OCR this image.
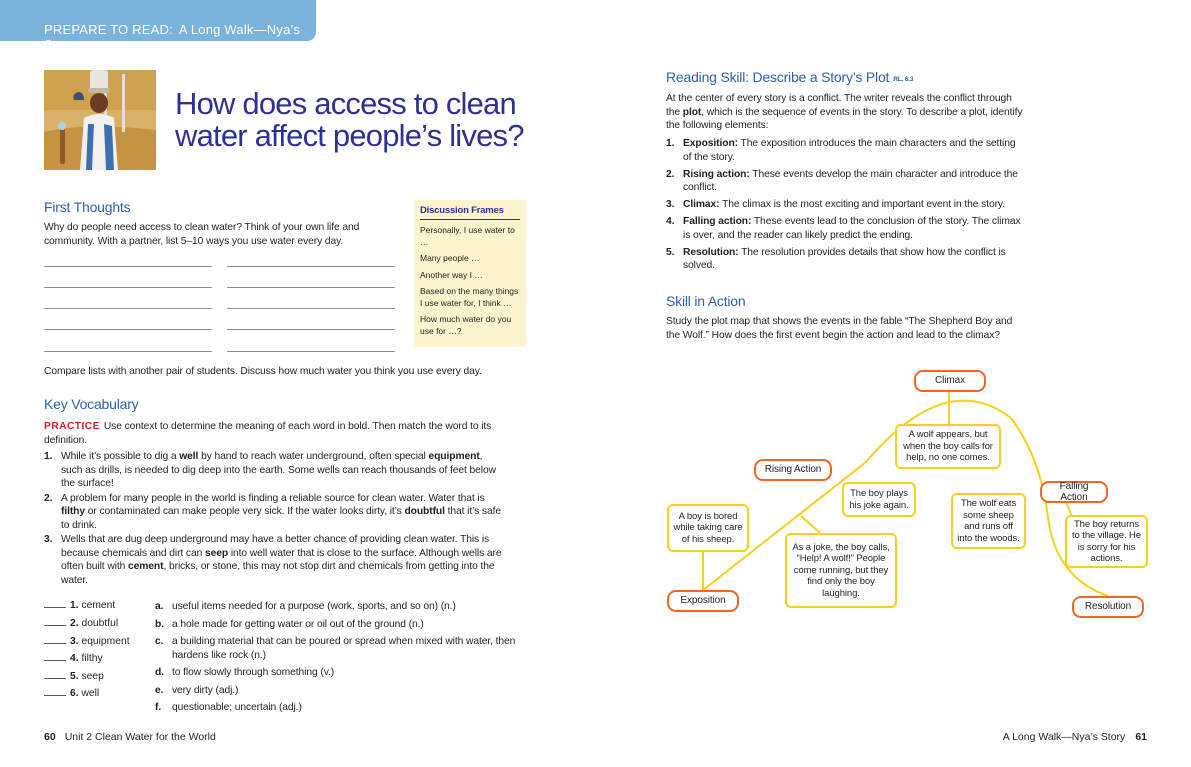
PREPARE TO READ: A Long Walk—Nya’s Story
How does access to clean water affect people’s lives?
First Thoughts
Why do people need access to clean water? Think of your own life and community. With a partner, list 5–10 ways you use water every day.
Discussion Frames
Personally, I use water to …
Many people …
Another way I …
Based on the many things I use water for, I think …
How much water do you use for …?
Compare lists with another pair of students. Discuss how much water you think you use every day.
Key Vocabulary
PRACTICE Use context to determine the meaning of each word in bold. Then match the word to its definition.
1. While it’s possible to dig a well by hand to reach water underground, often special equipment, such as drills, is needed to dig deep into the earth. Some wells can reach thousands of feet below the surface!
2. A problem for many people in the world is finding a reliable source for clean water. Water that is filthy or contaminated can make people very sick. If the water looks dirty, it’s doubtful that it’s safe to drink.
3. Wells that are dug deep underground may have a better chance of providing clean water. This is because chemicals and dirt can seep into well water that is close to the surface. Although wells are often built with cement, bricks, or stone, this may not stop dirt and chemicals from getting into the water.
1. cement
2. doubtful
3. equipment
4. filthy
5. seep
6. well
a. useful items needed for a purpose (work, sports, and so on) (n.)
b. a hole made for getting water or oil out of the ground (n.)
c. a building material that can be poured or spread when mixed with water, then hardens like rock (n.)
d. to flow slowly through something (v.)
e. very dirty (adj.)
f. questionable; uncertain (adj.)
60 Unit 2 Clean Water for the World
Reading Skill: Describe a Story’s Plot RL. 6.3
At the center of every story is a conflict. The writer reveals the conflict through the plot, which is the sequence of events in the story. To describe a plot, identify the following elements:
1. Exposition: The exposition introduces the main characters and the setting of the story.
2. Rising action: These events develop the main character and introduce the conflict.
3. Climax: The climax is the most exciting and important event in the story.
4. Falling action: These events lead to the conclusion of the story. The climax is over, and the reader can likely predict the ending.
5. Resolution: The resolution provides details that show how the conflict is solved.
Skill in Action
Study the plot map that shows the events in the fable “The Shepherd Boy and the Wolf.” How does the first event begin the action and lead to the climax?
Climax
Rising Action
Falling Action
Exposition
Resolution
A boy is bored while taking care of his sheep.
As a joke, the boy calls, “Help! A wolf!” People come running, but they find only the boy laughing.
The boy plays his joke again.
A wolf appears, but when the boy calls for help, no one comes.
The wolf eats some sheep and runs off into the woods.
The boy returns to the village. He is sorry for his actions.
A Long Walk—Nya’s Story 61
